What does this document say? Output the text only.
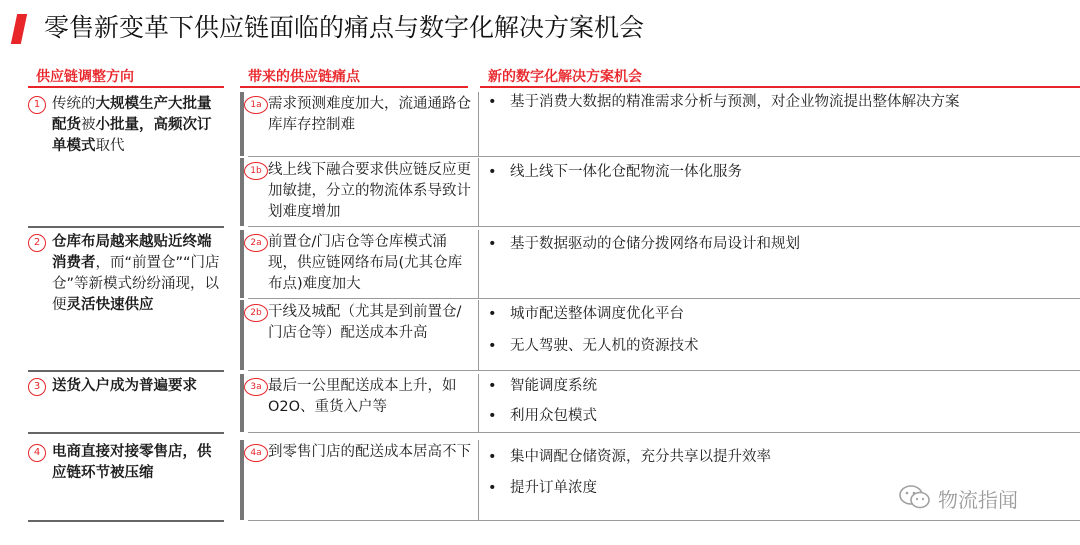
零售新变革下供应链面临的痛点与数字化解决方案机会
供应链调整方向	带来的供应链痛点	新的数字化解决方案机会
1 传统的大规模生产大批量配货被小批量，高频次订单模式取代
1a 需求预测难度加大，流通通路仓库库存控制难
• 基于消费大数据的精准需求分析与预测，对企业物流提出整体解决方案
1b 线上线下融合要求供应链反应更加敏捷，分立的物流体系导致计划难度增加
• 线上线下一体化仓配物流一体化服务
2 仓库布局越来越贴近终端消费者，而“前置仓”“门店仓”等新模式纷纷涌现，以便灵活快速供应
2a 前置仓/门店仓等仓库模式涌现，供应链网络布局(尤其仓库布点)难度加大
• 基于数据驱动的仓储分拨网络布局设计和规划
2b 干线及城配（尤其是到前置仓/门店仓等）配送成本升高
• 城市配送整体调度优化平台
• 无人驾驶、无人机的资源技术
3 送货入户成为普遍要求	3a 最后一公里配送成本上升，如O2O、重货入户等
• 智能调度系统
• 利用众包模式
4 电商直接对接零售店，供应链环节被压缩
4a 到零售门店的配送成本居高不下 • 集中调配仓储资源，充分共享以提升效率
• 提升订单浓度	物流指闻
